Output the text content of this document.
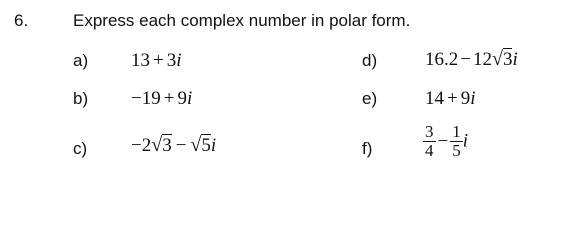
6.	Express each complex number in polar form.
a) 13 + 3i	d)	16.2 − 12√3i
b) −19 + 9i	e)	14 + 9i
c) −2√3 − √5i	f)	$\frac{3}{4} - \frac{1}{5}$ i
